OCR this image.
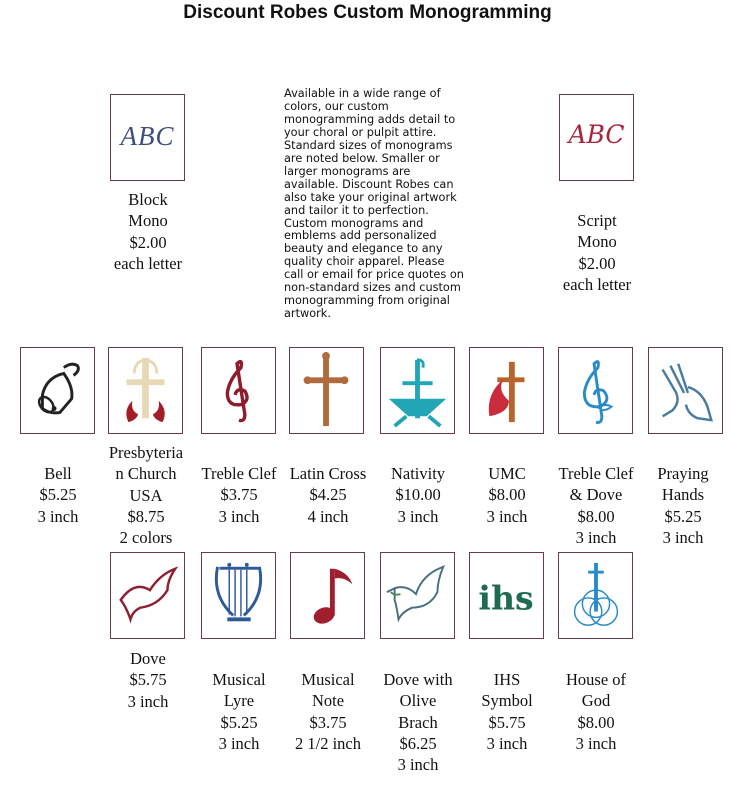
Discount Robes Custom Monogramming
Available in a wide range of colors, our custom monogramming adds detail to your choral or pulpit attire. Standard sizes of monograms are noted below. Smaller or larger monograms are available. Discount Robes can also take your original artwork and tailor it to perfection. Custom monograms and emblems add personalized beauty and elegance to any quality choir apparel. Please call or email for price quotes on non-standard sizes and custom monogramming from original artwork.
ABC
Block
Mono
$2.00
each letter
ABC
Script
Mono
$2.00
each letter
Bell
$5.25
3 inch
Presbyteria
n Church
USA
$8.75
2 colors
Treble Clef
$3.75
3 inch
Latin Cross
$4.25
4 inch
Nativity
$10.00
3 inch
UMC
$8.00
3 inch
Treble Clef
& Dove
$8.00
3 inch
Praying
Hands
$5.25
3 inch
ihs
Dove
$5.75
3 inch
Musical
Lyre
$5.25
3 inch
Musical
Note
$3.75
2 1/2 inch
Dove with
Olive
Brach
$6.25
3 inch
IHS
Symbol
$5.75
3 inch
House of
God
$8.00
3 inch
